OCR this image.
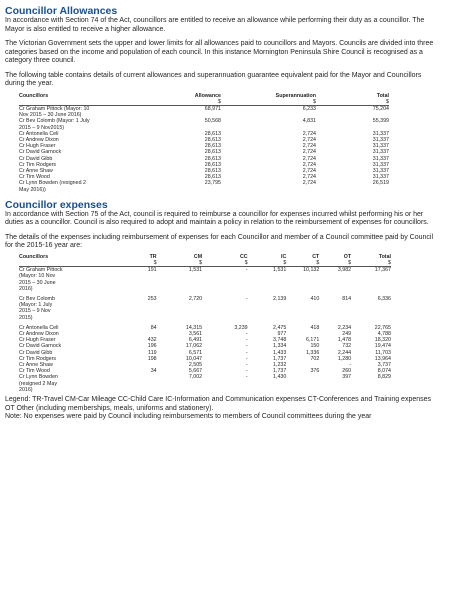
Councillor Allowances

In accordance with Section 74 of the Act, councillors are entitled to receive an allowance while performing their duty as a councillor. The Mayor is also entitled to receive a higher allowance.

The Victorian Government sets the upper and lower limits for all allowances paid to councillors and Mayors. Councils are divided into three categories based on the income and population of each council. In this instance Mornington Peninsula Shire Council is recognised as a category three council.

The following table contains details of current allowances and superannuation guarantee equivalent paid for the Mayor and Councillors during the year.

Councillors	Allowance	Superannuation	Total
	$	$	$
Cr Graham Pittock (Mayor: 10	68,971	6,233	75,204
Nov 2015 – 30 June 2016)			
Cr Bev Colomb (Mayor: 1 July	50,568	4,831	55,399
2015 – 9 Nov2015)			
Cr Antonella Celi	28,613	2,724	31,337
Cr Andrew Dixon	28,613	2,724	31,337
Cr Hugh Fraser	28,613	2,724	31,337
Cr David Garnock	28,613	2,724	31,337
Cr David Gibb	28,613	2,724	31,337
Cr Tim Rodgers	28,613	2,724	31,337
Cr Anne Shaw	28,613	2,724	31,337
Cr Tim Wood	28,613	2,724	31,337
Cr Lynn Bowden (resigned 2	23,795	2,724	26,519
May 2016))			
Councillor expenses

In accordance with Section 75 of the Act, council is required to reimburse a councillor for expenses incurred whilst performing his or her duties as a councillor. Council is also required to adopt and maintain a policy in relation to the reimbursement of expenses for councillors.

The details of the expenses including reimbursement of expenses for each Councillor and member of a Council committee paid by Council for the 2015-16 year are:

Councillors	TR	CM	CC	IC	CT	OT	Total
	$	$	$	$	$	$	$
Cr Graham Pittock	191	1,531	-	1,531	10,132	3,982	17,367
(Mayor: 10 Nov							
2015 – 30 June							
2016)							

Cr Bev Colomb	253	2,720	-	2,139	410	814	6,336
(Mayor: 1 July							
2015 – 9 Nov							
2015)							

Cr Antonella Celi	84	14,315	3,239	2,475	418	2,234	22,765
Cr Andrew Dixon		3,561	-	977		249	4,788
Cr Hugh Fraser	432	6,491	-	3,748	6,171	1,478	18,320
Cr David Garnock	196	17,062	-	1,334	150	732	19,474
Cr David Gibb	119	6,571	-	1,433	1,336	2,244	11,703
Cr Tim Rodgers	198	10,047	-	1,737	702	1,280	13,964
Cr Anne Shaw		2,505	-	1,232		-	3,737
Cr Tim Wood	34	5,667	-	1,737	376	260	8,074
Cr Lynn Bowden		7,002	-	1,430		397	8,829
(resigned 2 May							
2016)							

Legend: TR-Travel CM-Car Mileage CC-Child Care IC-Information and Communication expenses CT-Conferences and Training expenses OT Other (including memberships, meals, uniforms and stationery).

Note: No expenses were paid by Council including reimbursements to members of Council committees during the year
